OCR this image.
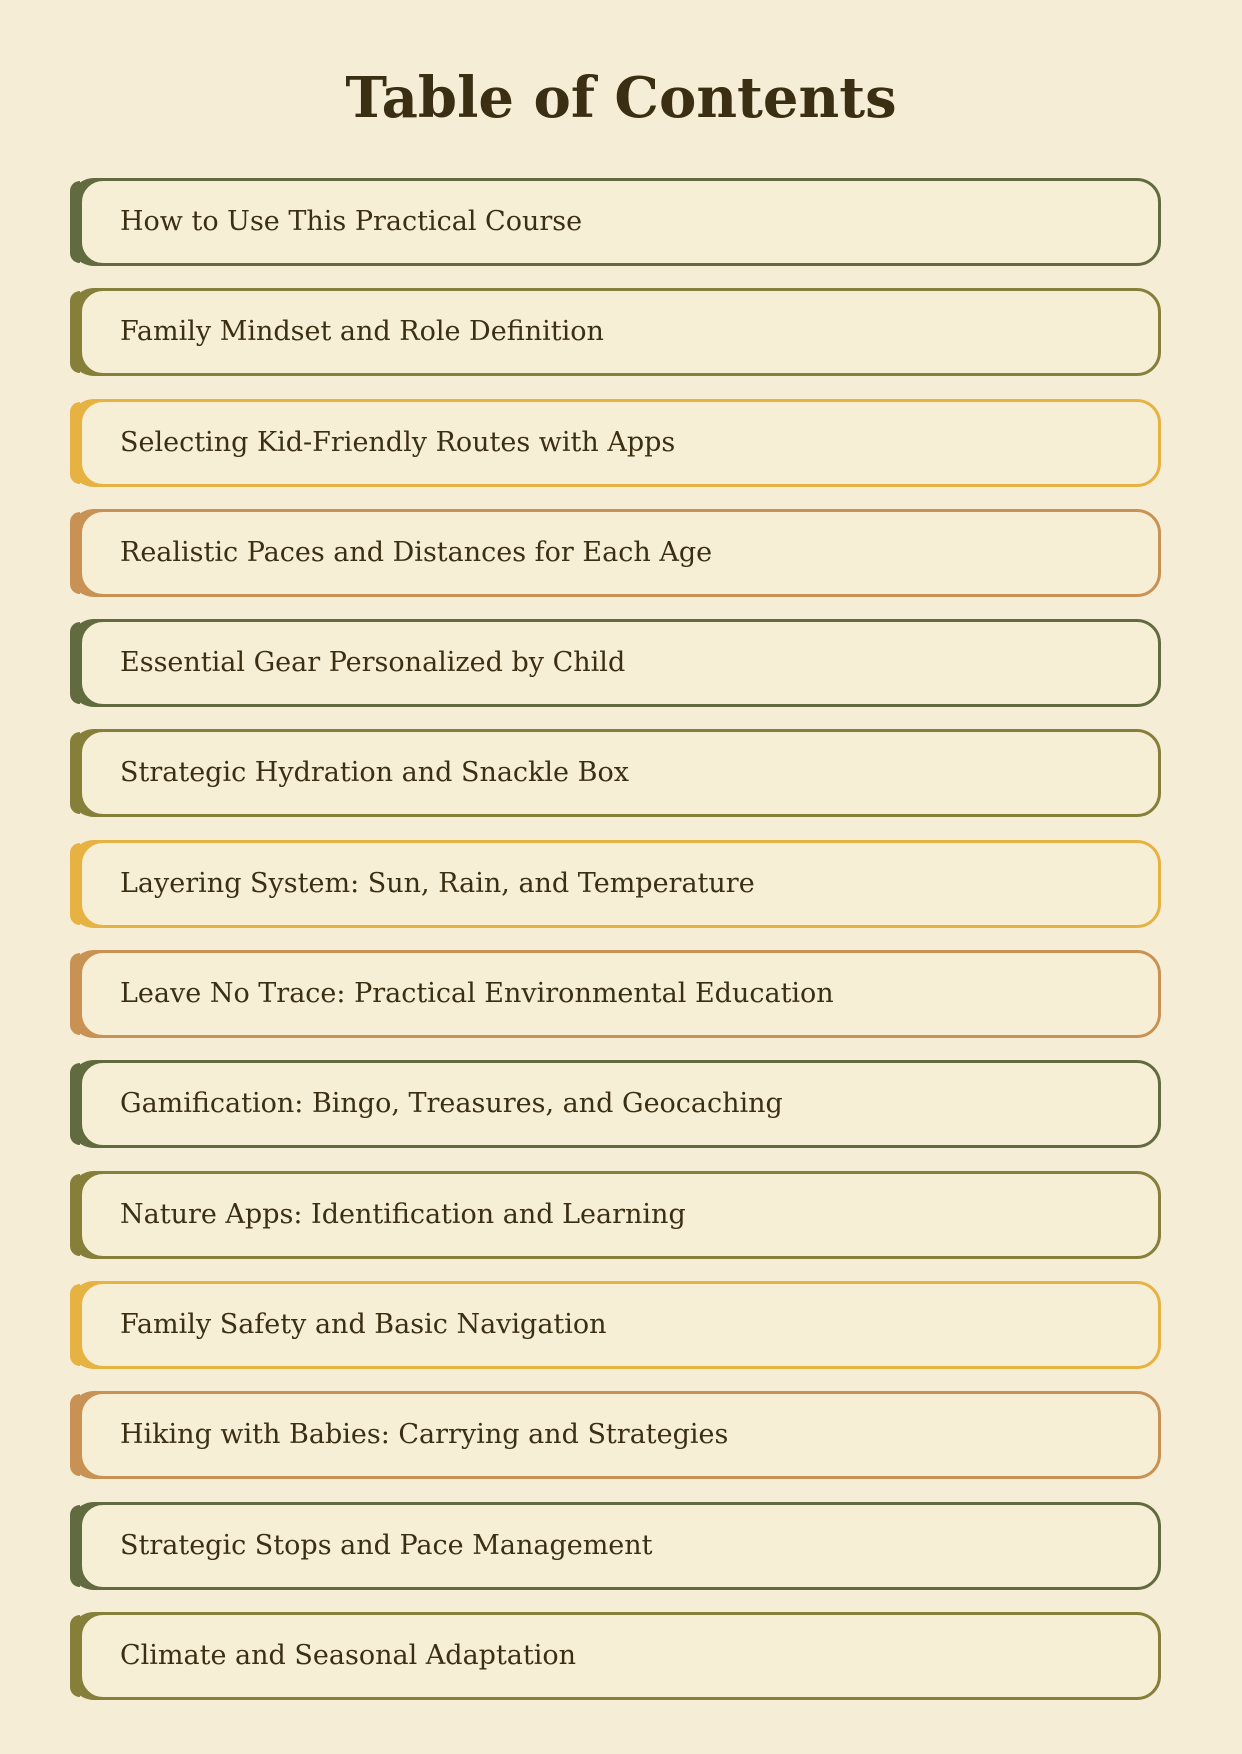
Table of Contents
How to Use This Practical Course
Family Mindset and Role Definition
Selecting Kid-Friendly Routes with Apps
Realistic Paces and Distances for Each Age
Essential Gear Personalized by Child
Strategic Hydration and Snackle Box
Layering System: Sun, Rain, and Temperature
Leave No Trace: Practical Environmental Education
Gamification: Bingo, Treasures, and Geocaching
Nature Apps: Identification and Learning
Family Safety and Basic Navigation
Hiking with Babies: Carrying and Strategies
Strategic Stops and Pace Management
Climate and Seasonal Adaptation
